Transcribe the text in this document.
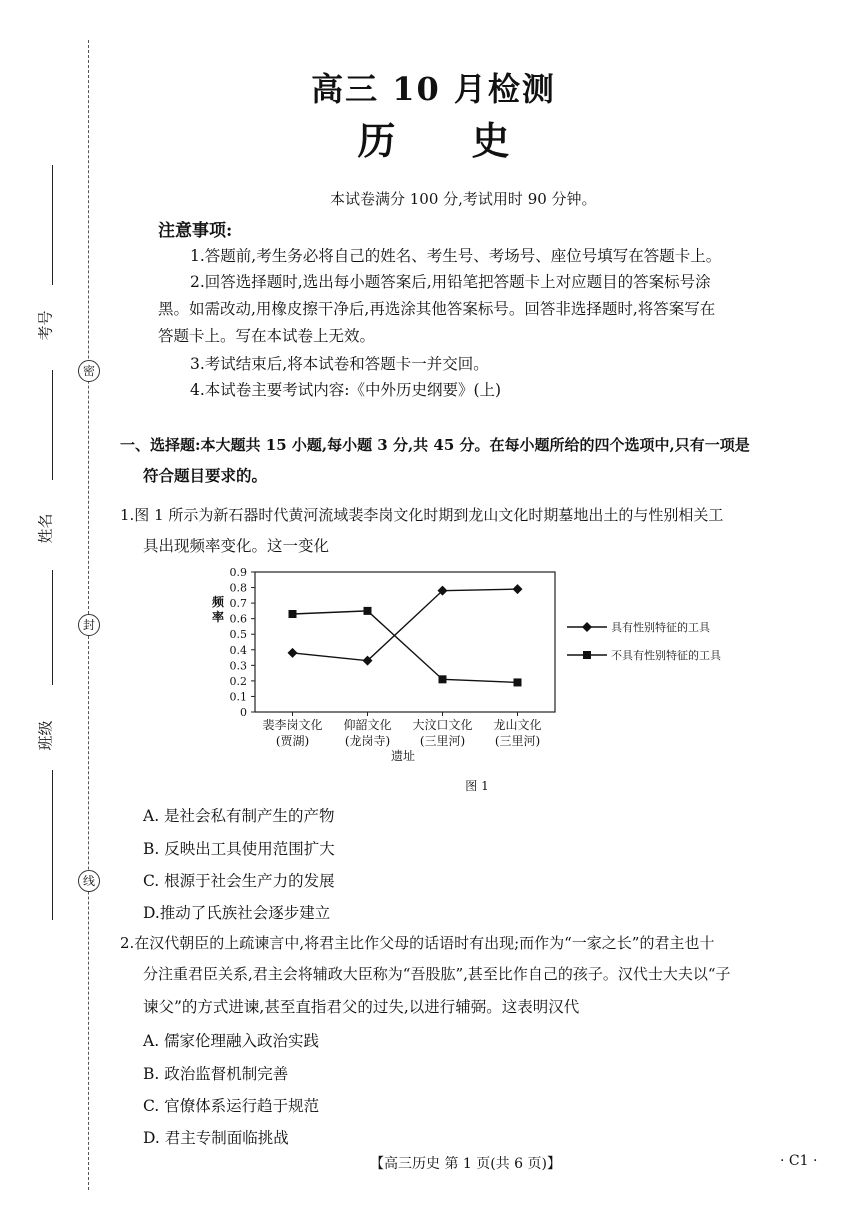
密
封
线
考号
姓名
班级
高三 10 月检测
历 史
本试卷满分 100 分,考试用时 90 分钟。
注意事项:
1.答题前,考生务必将自己的姓名、考生号、考场号、座位号填写在答题卡上。
2.回答选择题时,选出每小题答案后,用铅笔把答题卡上对应题目的答案标号涂
黑。如需改动,用橡皮擦干净后,再选涂其他答案标号。回答非选择题时,将答案写在
答题卡上。写在本试卷上无效。
3.考试结束后,将本试卷和答题卡一并交回。
4.本试卷主要考试内容:《中外历史纲要》(上)
一、选择题:本大题共 15 小题,每小题 3 分,共 45 分。在每小题所给的四个选项中,只有一项是
符合题目要求的。
1.图 1 所示为新石器时代黄河流域裴李岗文化时期到龙山文化时期墓地出土的与性别相关工
具出现频率变化。这一变化
0
0.1
0.2
0.3
0.4
0.5
0.6
0.7
0.8
0.9
频
率
裴李岗文化
(贾湖)
仰韶文化
(龙岗寺)
大汶口文化
(三里河)
龙山文化
(三里河)
遗址
图 1
具有性别特征的工具
不具有性别特征的工具
A. 是社会私有制产生的产物
B. 反映出工具使用范围扩大
C. 根源于社会生产力的发展
D.推动了氏族社会逐步建立
2.在汉代朝臣的上疏谏言中,将君主比作父母的话语时有出现;而作为“一家之长”的君主也十
分注重君臣关系,君主会将辅政大臣称为“吾股肱”,甚至比作自己的孩子。汉代士大夫以“子
谏父”的方式进谏,甚至直指君父的过失,以进行辅弼。这表明汉代
A. 儒家伦理融入政治实践
B. 政治监督机制完善
C. 官僚体系运行趋于规范
D. 君主专制面临挑战
【高三历史 第 1 页(共 6 页)】	· C1 ·
